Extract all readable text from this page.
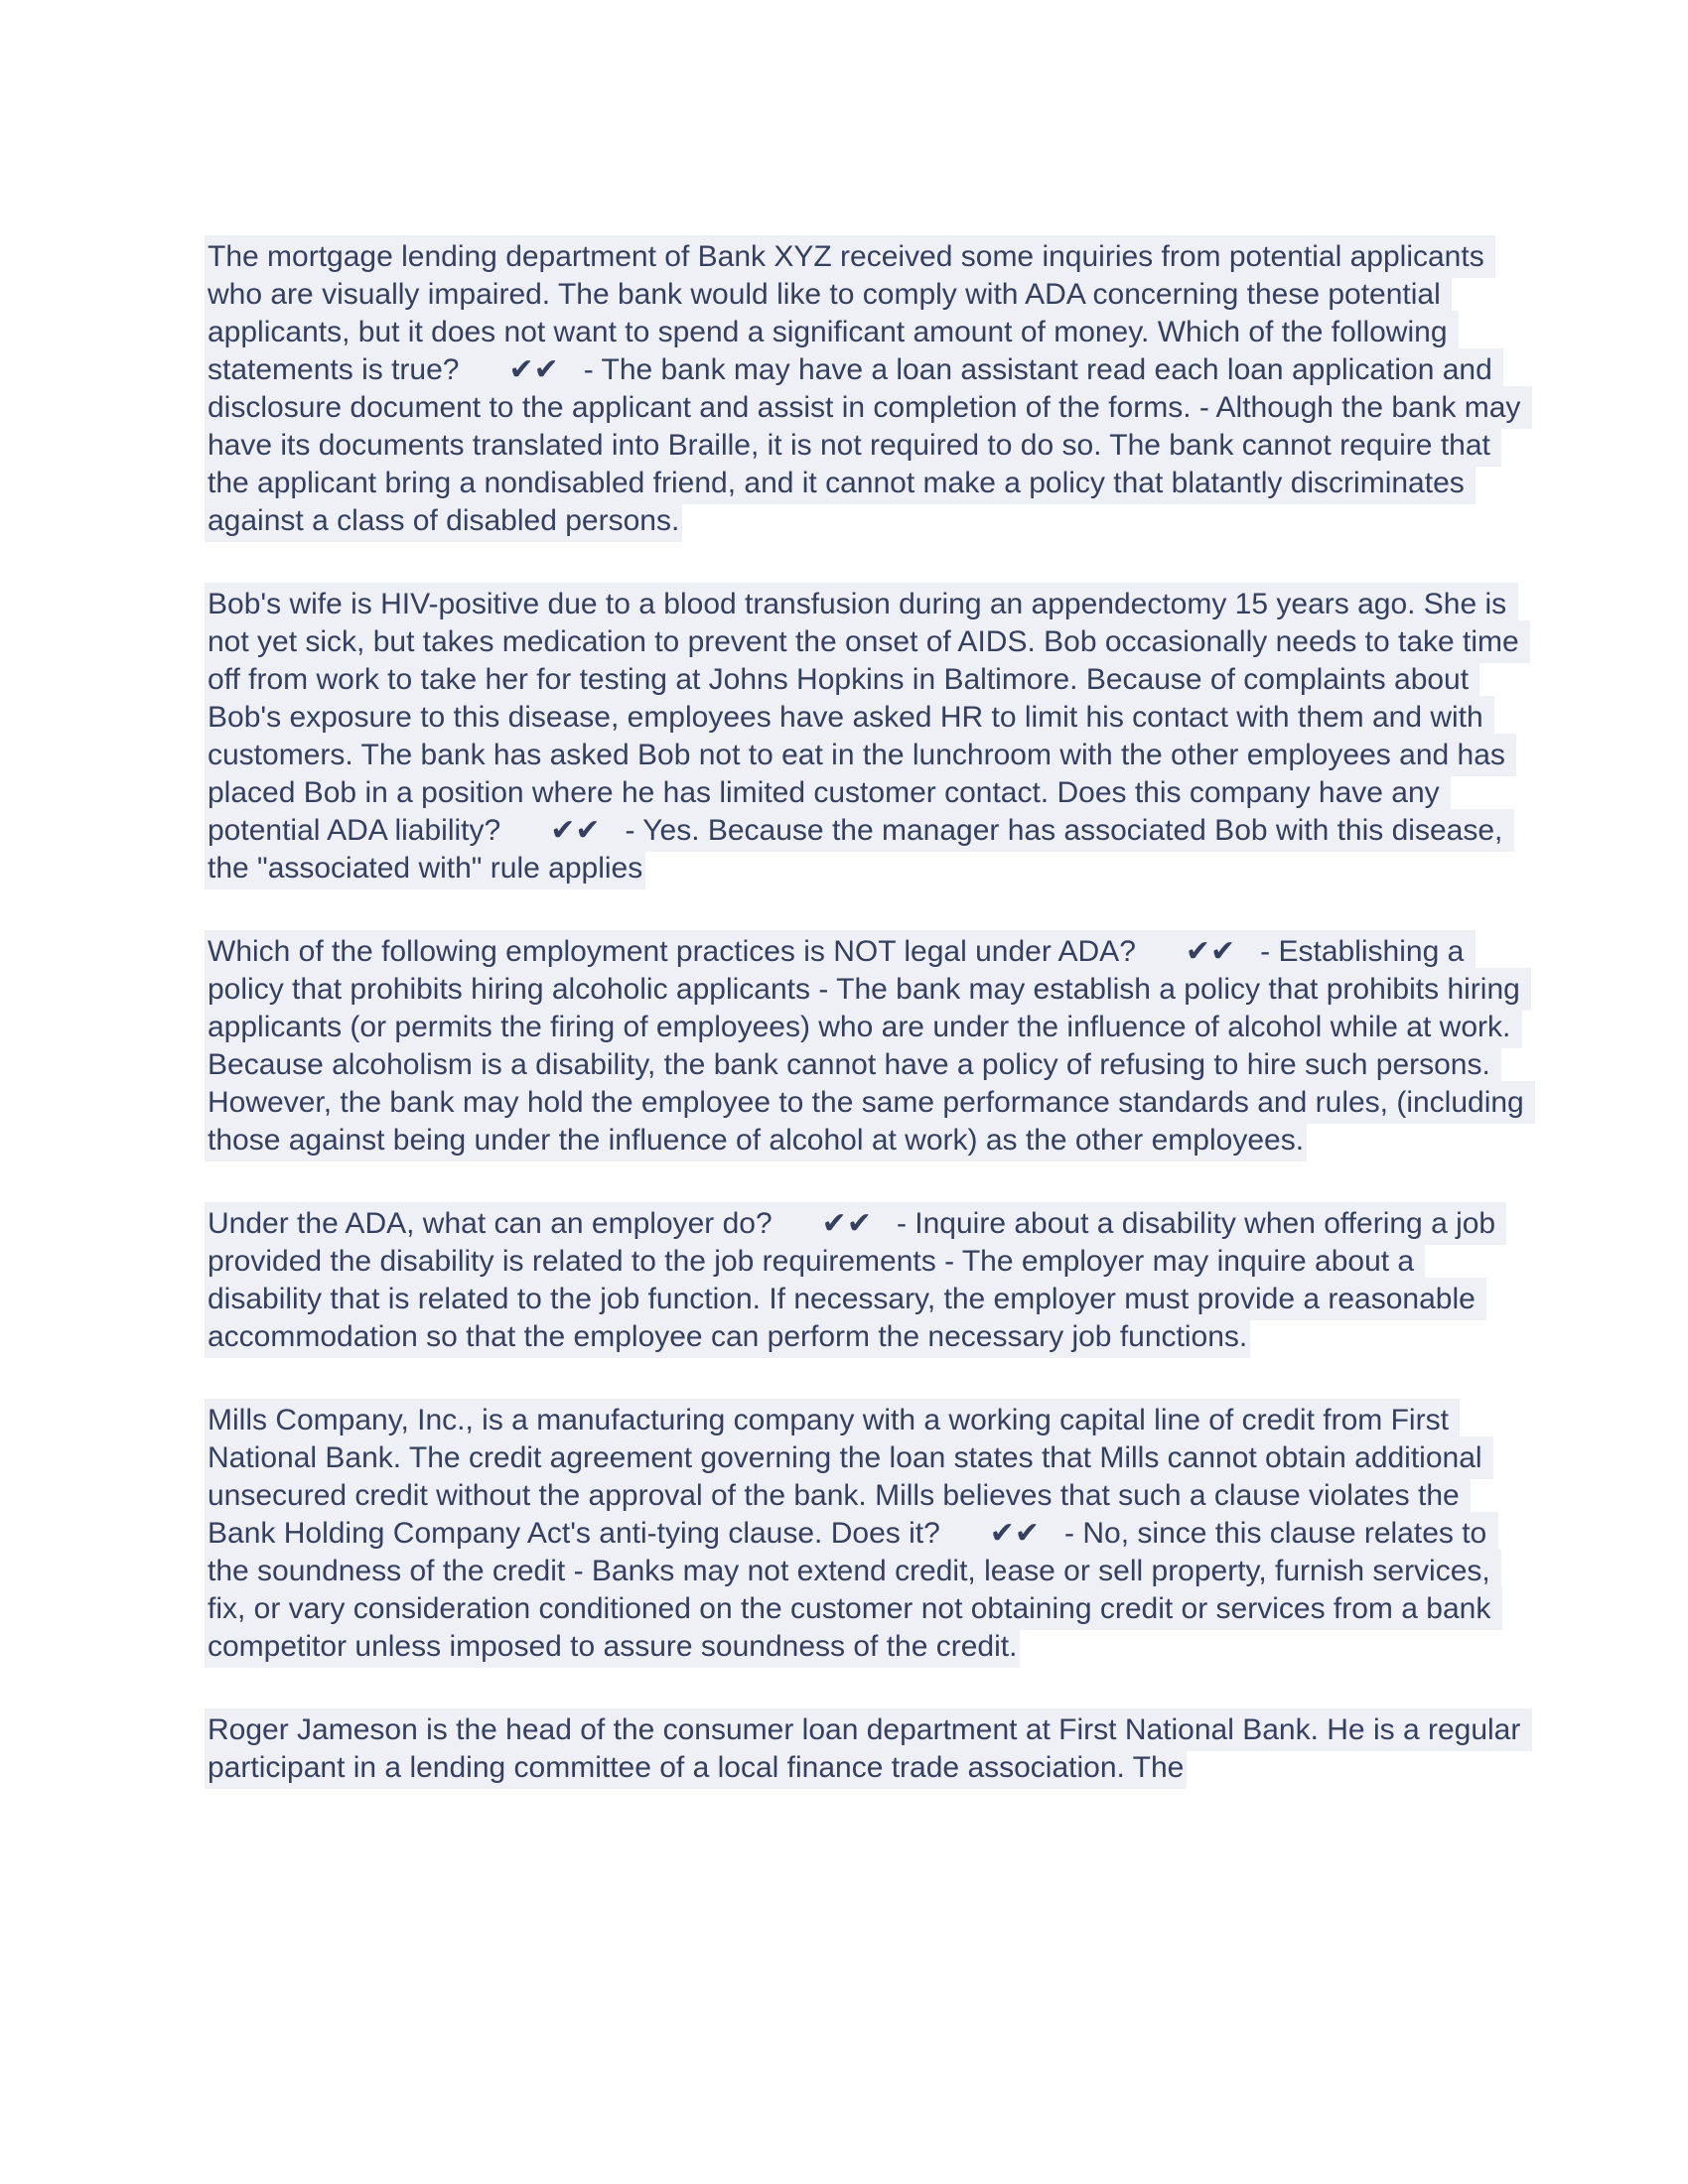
The mortgage lending department of Bank XYZ received some inquiries from potential applicants who are visually impaired. The bank would like to comply with ADA concerning these potential applicants, but it does not want to spend a significant amount of money. Which of the following statements is true?      ✔✔   - The bank may have a loan assistant read each loan application and disclosure document to the applicant and assist in completion of the forms. - Although the bank may have its documents translated into Braille, it is not required to do so. The bank cannot require that the applicant bring a nondisabled friend, and it cannot make a policy that blatantly discriminates against a class of disabled persons.

Bob's wife is HIV-positive due to a blood transfusion during an appendectomy 15 years ago. She is not yet sick, but takes medication to prevent the onset of AIDS. Bob occasionally needs to take time off from work to take her for testing at Johns Hopkins in Baltimore. Because of complaints about Bob's exposure to this disease, employees have asked HR to limit his contact with them and with customers. The bank has asked Bob not to eat in the lunchroom with the other employees and has placed Bob in a position where he has limited customer contact. Does this company have any potential ADA liability?      ✔✔   - Yes. Because the manager has associated Bob with this disease, the "associated with" rule applies

Which of the following employment practices is NOT legal under ADA?      ✔✔   - Establishing a policy that prohibits hiring alcoholic applicants - The bank may establish a policy that prohibits hiring applicants (or permits the firing of employees) who are under the influence of alcohol while at work. Because alcoholism is a disability, the bank cannot have a policy of refusing to hire such persons. However, the bank may hold the employee to the same performance standards and rules, (including those against being under the influence of alcohol at work) as the other employees.

Under the ADA, what can an employer do?      ✔✔   - Inquire about a disability when offering a job provided the disability is related to the job requirements - The employer may inquire about a disability that is related to the job function. If necessary, the employer must provide a reasonable accommodation so that the employee can perform the necessary job functions.

Mills Company, Inc., is a manufacturing company with a working capital line of credit from First National Bank. The credit agreement governing the loan states that Mills cannot obtain additional unsecured credit without the approval of the bank. Mills believes that such a clause violates the Bank Holding Company Act's anti-tying clause. Does it?      ✔✔   - No, since this clause relates to the soundness of the credit - Banks may not extend credit, lease or sell property, furnish services, fix, or vary consideration conditioned on the customer not obtaining credit or services from a bank competitor unless imposed to assure soundness of the credit.

Roger Jameson is the head of the consumer loan department at First National Bank. He is a regular participant in a lending committee of a local finance trade association. The
